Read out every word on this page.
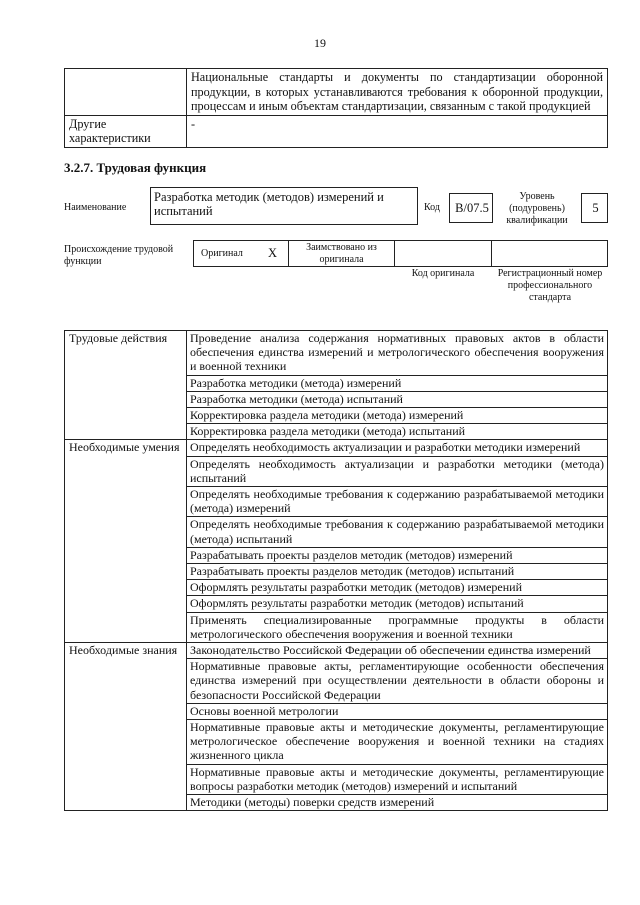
19
	Национальные стандарты и документы по стандартизации оборонной продукции, в которых устанавливаются требования к оборонной продукции, процессам и иным объектам стандартизации, связанным с такой продукцией
Другие характеристики	-
3.2.7. Трудовая функция
Наименование
Разработка методик (методов) измерений и испытаний	Код	B/07.5
Уровень (подуровень) квалификации
5
Происхождение трудовой функции
Оригинал X	Заимствовано из оригинала
Код оригинала	Регистрационный номер профессионального стандарта
Трудовые действия	Проведение анализа содержания нормативных правовых актов в области обеспечения единства измерений и метрологического обеспечения вооружения и военной техники
	Разработка методики (метода) измерений
	Разработка методики (метода) испытаний
	Корректировка раздела методики (метода) измерений
	Корректировка раздела методики (метода) испытаний
Необходимые умения	Определять необходимость актуализации и разработки методики измерений
	Определять необходимость актуализации и разработки методики (метода) испытаний
	Определять необходимые требования к содержанию разрабатываемой методики (метода) измерений
	Определять необходимые требования к содержанию разрабатываемой методики (метода) испытаний
	Разрабатывать проекты разделов методик (методов) измерений
	Разрабатывать проекты разделов методик (методов) испытаний
	Оформлять результаты разработки методик (методов) измерений
	Оформлять результаты разработки методик (методов) испытаний
	Применять специализированные программные продукты в области метрологического обеспечения вооружения и военной техники
Необходимые знания	Законодательство Российской Федерации об обеспечении единства измерений
	Нормативные правовые акты, регламентирующие особенности обеспечения единства измерений при осуществлении деятельности в области обороны и безопасности Российской Федерации
	Основы военной метрологии
	Нормативные правовые акты и методические документы, регламентирующие метрологическое обеспечение вооружения и военной техники на стадиях жизненного цикла
	Нормативные правовые акты и методические документы, регламентирующие вопросы разработки методик (методов) измерений и испытаний
	Методики (методы) поверки средств измерений
